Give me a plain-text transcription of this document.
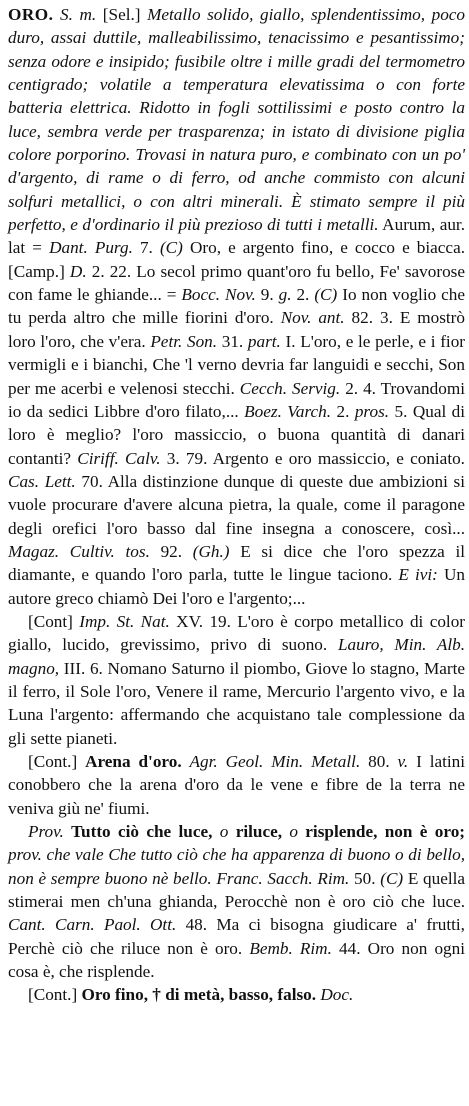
ORO. S. m. [Sel.] Metallo solido, giallo, splendentissimo, poco duro, assai duttile, malleabilissimo, tenacissimo e pesantissimo; senza odore e insipido; fusibile oltre i mille gradi del termometro centigrado; volatile a temperatura elevatissima o con forte batteria elettrica. Ridotto in fogli sottilissimi e posto contro la luce, sembra verde per trasparenza; in istato di divisione piglia colore porporino. Trovasi in natura puro, e combinato con un po' d'argento, di rame o di ferro, od anche commisto con alcuni solfuri metallici, o con altri minerali. È stimato sempre il più perfetto, e d'ordinario il più prezioso di tutti i metalli. Aurum, aur. lat = Dant. Purg. 7. (C) Oro, e argento fino, e cocco e biacca. [Camp.] D. 2. 22. Lo secol primo quant'oro fu bello, Fe' savorose con fame le ghiande... = Bocc. Nov. 9. g. 2. (C) Io non voglio che tu perda altro che mille fiorini d'oro. Nov. ant. 82. 3. E mostrò loro l'oro, che v'era. Petr. Son. 31. part. I. L'oro, e le perle, e i fior vermigli e i bianchi, Che 'l verno devria far languidi e secchi, Son per me acerbi e velenosi stecchi. Cecch. Servig. 2. 4. Trovandomi io da sedici Libbre d'oro filato,... Boez. Varch. 2. pros. 5. Qual di loro è meglio? l'oro massiccio, o buona quantità di danari contanti? Ciriff. Calv. 3. 79. Argento e oro massiccio, e coniato. Cas. Lett. 70. Alla distinzione dunque di queste due ambizioni si vuole procurare d'avere alcuna pietra, la quale, come il paragone degli orefici l'oro basso dal fine insegna a conoscere, così... Magaz. Cultiv. tos. 92. (Gh.) E si dice che l'oro spezza il diamante, e quando l'oro parla, tutte le lingue taciono. E ivi: Un autore greco chiamò Dei l'oro e l'argento;...

[Cont] Imp. St. Nat. XV. 19. L'oro è corpo metallico di color giallo, lucido, grevissimo, privo di suono. Lauro, Min. Alb. magno, III. 6. Nomano Saturno il piombo, Giove lo stagno, Marte il ferro, il Sole l'oro, Venere il rame, Mercurio l'argento vivo, e la Luna l'argento: affermando che acquistano tale complessione da gli sette pianeti.

[Cont.] Arena d'oro. Agr. Geol. Min. Metall. 80. v. I latini conobbero che la arena d'oro da le vene e fibre de la terra ne veniva giù ne' fiumi.

Prov. Tutto ciò che luce, o riluce, o risplende, non è oro; prov. che vale Che tutto ciò che ha apparenza di buono o di bello, non è sempre buono nè bello. Franc. Sacch. Rim. 50. (C) E quella stimerai men ch'una ghianda, Perocchè non è oro ciò che luce. Cant. Carn. Paol. Ott. 48. Ma ci bisogna giudicare a' frutti, Perchè ciò che riluce non è oro. Bemb. Rim. 44. Oro non ogni cosa è, che risplende.

[Cont.] Oro fino, † di metà, basso, falso. Doc.
